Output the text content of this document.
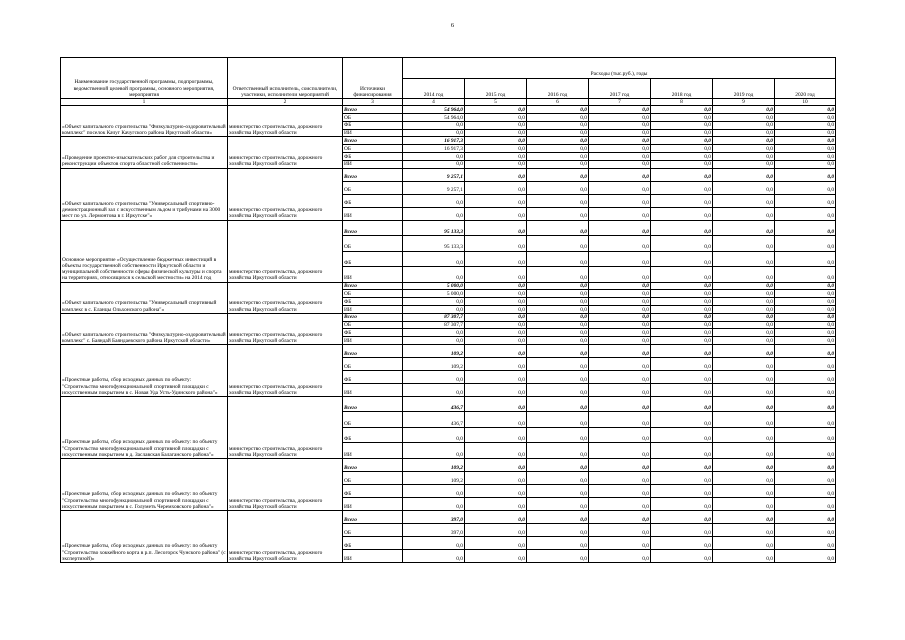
6
Наименование государственной программы, подпрограммы, ведомственной целевой программы, основного мероприятия, мероприятия	Ответственный исполнитель, соисполнители, участники, исполнители мероприятий	Источники финансирования	Расходы (тыс.руб.), годы						
			2014 год	2015 год	2016 год	2017 год	2018 год	2019 год	2020 год
1	2	3	4	5	6	7	8	9	10
«Объект капитального строительства "Физкультурно-оздоровительный комплекс" поселок Качуг Качугского района Иркутской области»	министерство строительства, дорожного хозяйства Иркутской области	Всего	54 964,0	0,0	0,0	0,0	0,0	0,0	0,0
		ОБ	54 964,0	0,0	0,0	0,0	0,0	0,0	0,0
		ФБ	0,0	0,0	0,0	0,0	0,0	0,0	0,0
		ИИ	0,0	0,0	0,0	0,0	0,0	0,0	0,0
«Проведение проектно-изыскательских работ для строительства и реконструкции объектов спорта областной собственности»	министерство строительства, дорожного хозяйства Иркутской области	Всего	16 917,3	0,0	0,0	0,0	0,0	0,0	0,0
		ОБ	16 917,3	0,0	0,0	0,0	0,0	0,0	0,0
		ФБ	0,0	0,0	0,0	0,0	0,0	0,0	0,0
		ИИ	0,0	0,0	0,0	0,0	0,0	0,0	0,0
«Объект капитального строительства "Универсальный спортивно-демонстрационный зал с искусственным льдом и трибунами на 3000 мест по ул. Лермонтова в г. Иркутске"»	министерство строительства, дорожного хозяйства Иркутской области	Всего	9 257,1	0,0	0,0	0,0	0,0	0,0	0,0
		ОБ	9 257,1	0,0	0,0	0,0	0,0	0,0	0,0
		ФБ	0,0	0,0	0,0	0,0	0,0	0,0	0,0
		ИИ	0,0	0,0	0,0	0,0	0,0	0,0	0,0
Основное мероприятие «Осуществление бюджетных инвестиций в объекты государственной собственности Иркутской области и муниципальной собственности сферы физической культуры и спорта на территориях, относящихся к сельской местности» на 2014 год	министерство строительства, дорожного хозяйства Иркутской области	Всего	95 133,3	0,0	0,0	0,0	0,0	0,0	0,0
		ОБ	95 133,3	0,0	0,0	0,0	0,0	0,0	0,0
		ФБ	0,0	0,0	0,0	0,0	0,0	0,0	0,0
		ИИ	0,0	0,0	0,0	0,0	0,0	0,0	0,0
«Объект капитального строительства "Универсальный спортивный комплекс в с. Еланцы Ольхонского района"»	министерство строительства, дорожного хозяйства Иркутской области	Всего	5 000,0	0,0	0,0	0,0	0,0	0,0	0,0
		ОБ	5 000,0	0,0	0,0	0,0	0,0	0,0	0,0
		ФБ	0,0	0,0	0,0	0,0	0,0	0,0	0,0
		ИИ	0,0	0,0	0,0	0,0	0,0	0,0	0,0
«Объект капитального строительства "Физкультурно-оздоровительный комплекс" с. Баяндай Баяндаевского района Иркутской области»	министерство строительства, дорожного хозяйства Иркутской области	Всего	87 307,7	0,0	0,0	0,0	0,0	0,0	0,0
		ОБ	87 307,7	0,0	0,0	0,0	0,0	0,0	0,0
		ФБ	0,0	0,0	0,0	0,0	0,0	0,0	0,0
		ИИ	0,0	0,0	0,0	0,0	0,0	0,0	0,0
«Проектные работы, сбор исходных данных по объекту: "Строительство многофункциональной спортивной площадки с искусственным покрытием в с. Новая Уда Усть-Удинского района"»	министерство строительства, дорожного хозяйства Иркутской области	Всего	109,2	0,0	0,0	0,0	0,0	0,0	0,0
		ОБ	109,2	0,0	0,0	0,0	0,0	0,0	0,0
		ФБ	0,0	0,0	0,0	0,0	0,0	0,0	0,0
		ИИ	0,0	0,0	0,0	0,0	0,0	0,0	0,0
«Проектные работы, сбор исходных данных по объекту: по объекту "Строительство многофункциональной спортивной площадки с искусственным покрытием в д. Заславская Балаганского района"»	министерство строительства, дорожного хозяйства Иркутской области	Всего	436,7	0,0	0,0	0,0	0,0	0,0	0,0
		ОБ	436,7	0,0	0,0	0,0	0,0	0,0	0,0
		ФБ	0,0	0,0	0,0	0,0	0,0	0,0	0,0
		ИИ	0,0	0,0	0,0	0,0	0,0	0,0	0,0
«Проектные работы, сбор исходных данных по объекту: по объекту "Строительство многофункциональной спортивной площадки с искусственным покрытием в с. Голуметь Черемховского района"»	министерство строительства, дорожного хозяйства Иркутской области	Всего	109,2	0,0	0,0	0,0	0,0	0,0	0,0
		ОБ	109,2	0,0	0,0	0,0	0,0	0,0	0,0
		ФБ	0,0	0,0	0,0	0,0	0,0	0,0	0,0
		ИИ	0,0	0,0	0,0	0,0	0,0	0,0	0,0
«Проектные работы, сбор исходных данных по объекту: по объекту "Строительство хоккейного корта в р.п. Лесогорск Чунского района" (с экспертизой)»	министерство строительства, дорожного хозяйства Иркутской области	Всего	397,0	0,0	0,0	0,0	0,0	0,0	0,0
		ОБ	397,0	0,0	0,0	0,0	0,0	0,0	0,0
		ФБ	0,0	0,0	0,0	0,0	0,0	0,0	0,0
		ИИ	0,0	0,0	0,0	0,0	0,0	0,0	0,0
